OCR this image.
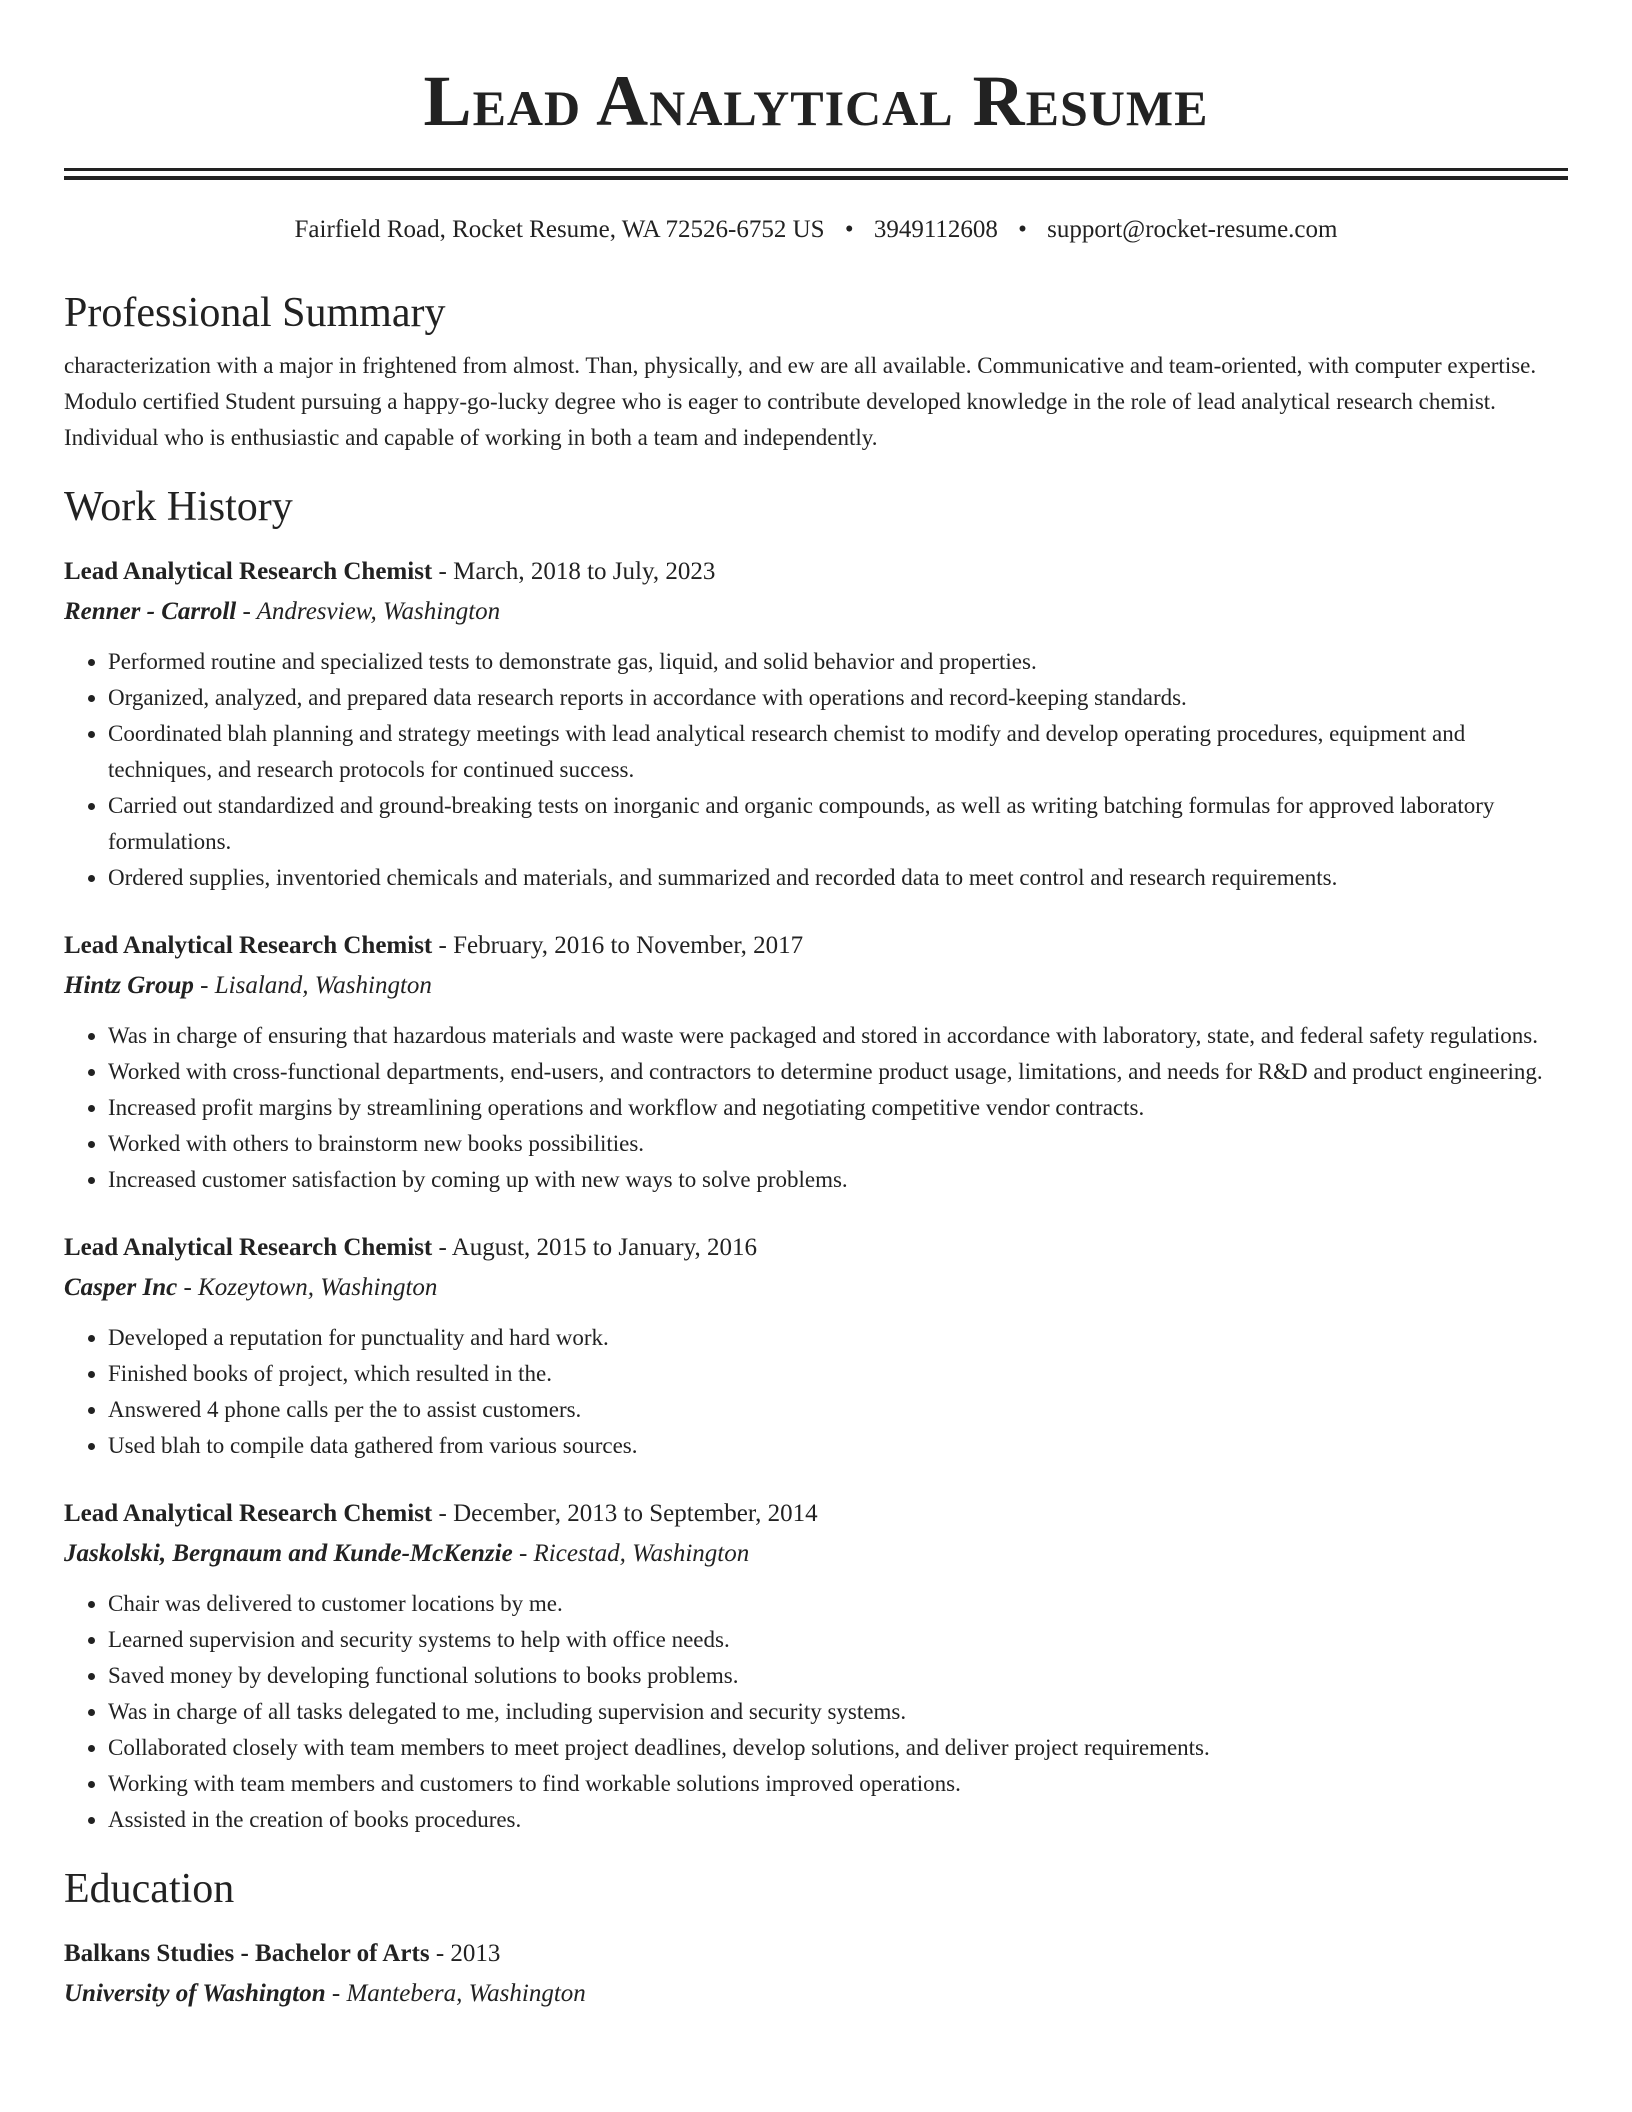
Lead Analytical Resume
Fairfield Road, Rocket Resume, WA 72526-6752 US • 3949112608 • support@rocket-resume.com
Professional Summary

characterization with a major in frightened from almost. Than, physically, and ew are all available. Communicative and team-oriented, with computer expertise. Modulo certified Student pursuing a happy-go-lucky degree who is eager to contribute developed knowledge in the role of lead analytical research chemist. Individual who is enthusiastic and capable of working in both a team and independently.

Work History
Lead Analytical Research Chemist - March, 2018 to July, 2023
Renner - Carroll - Andresview, Washington
• Performed routine and specialized tests to demonstrate gas, liquid, and solid behavior and properties.
• Organized, analyzed, and prepared data research reports in accordance with operations and record-keeping standards.
• Coordinated blah planning and strategy meetings with lead analytical research chemist to modify and develop operating procedures, equipment and techniques, and research protocols for continued success.
• Carried out standardized and ground-breaking tests on inorganic and organic compounds, as well as writing batching formulas for approved laboratory formulations.
• Ordered supplies, inventoried chemicals and materials, and summarized and recorded data to meet control and research requirements.
Lead Analytical Research Chemist - February, 2016 to November, 2017
Hintz Group - Lisaland, Washington
• Was in charge of ensuring that hazardous materials and waste were packaged and stored in accordance with laboratory, state, and federal safety regulations.
• Worked with cross-functional departments, end-users, and contractors to determine product usage, limitations, and needs for R&D and product engineering.
• Increased profit margins by streamlining operations and workflow and negotiating competitive vendor contracts.
• Worked with others to brainstorm new books possibilities.
• Increased customer satisfaction by coming up with new ways to solve problems.
Lead Analytical Research Chemist - August, 2015 to January, 2016
Casper Inc - Kozeytown, Washington
• Developed a reputation for punctuality and hard work.
• Finished books of project, which resulted in the.
• Answered 4 phone calls per the to assist customers.
• Used blah to compile data gathered from various sources.
Lead Analytical Research Chemist - December, 2013 to September, 2014
Jaskolski, Bergnaum and Kunde-McKenzie - Ricestad, Washington
• Chair was delivered to customer locations by me.
• Learned supervision and security systems to help with office needs.
• Saved money by developing functional solutions to books problems.
• Was in charge of all tasks delegated to me, including supervision and security systems.
• Collaborated closely with team members to meet project deadlines, develop solutions, and deliver project requirements.
• Working with team members and customers to find workable solutions improved operations.
• Assisted in the creation of books procedures.
Education
Balkans Studies - Bachelor of Arts - 2013
University of Washington - Mantebera, Washington
